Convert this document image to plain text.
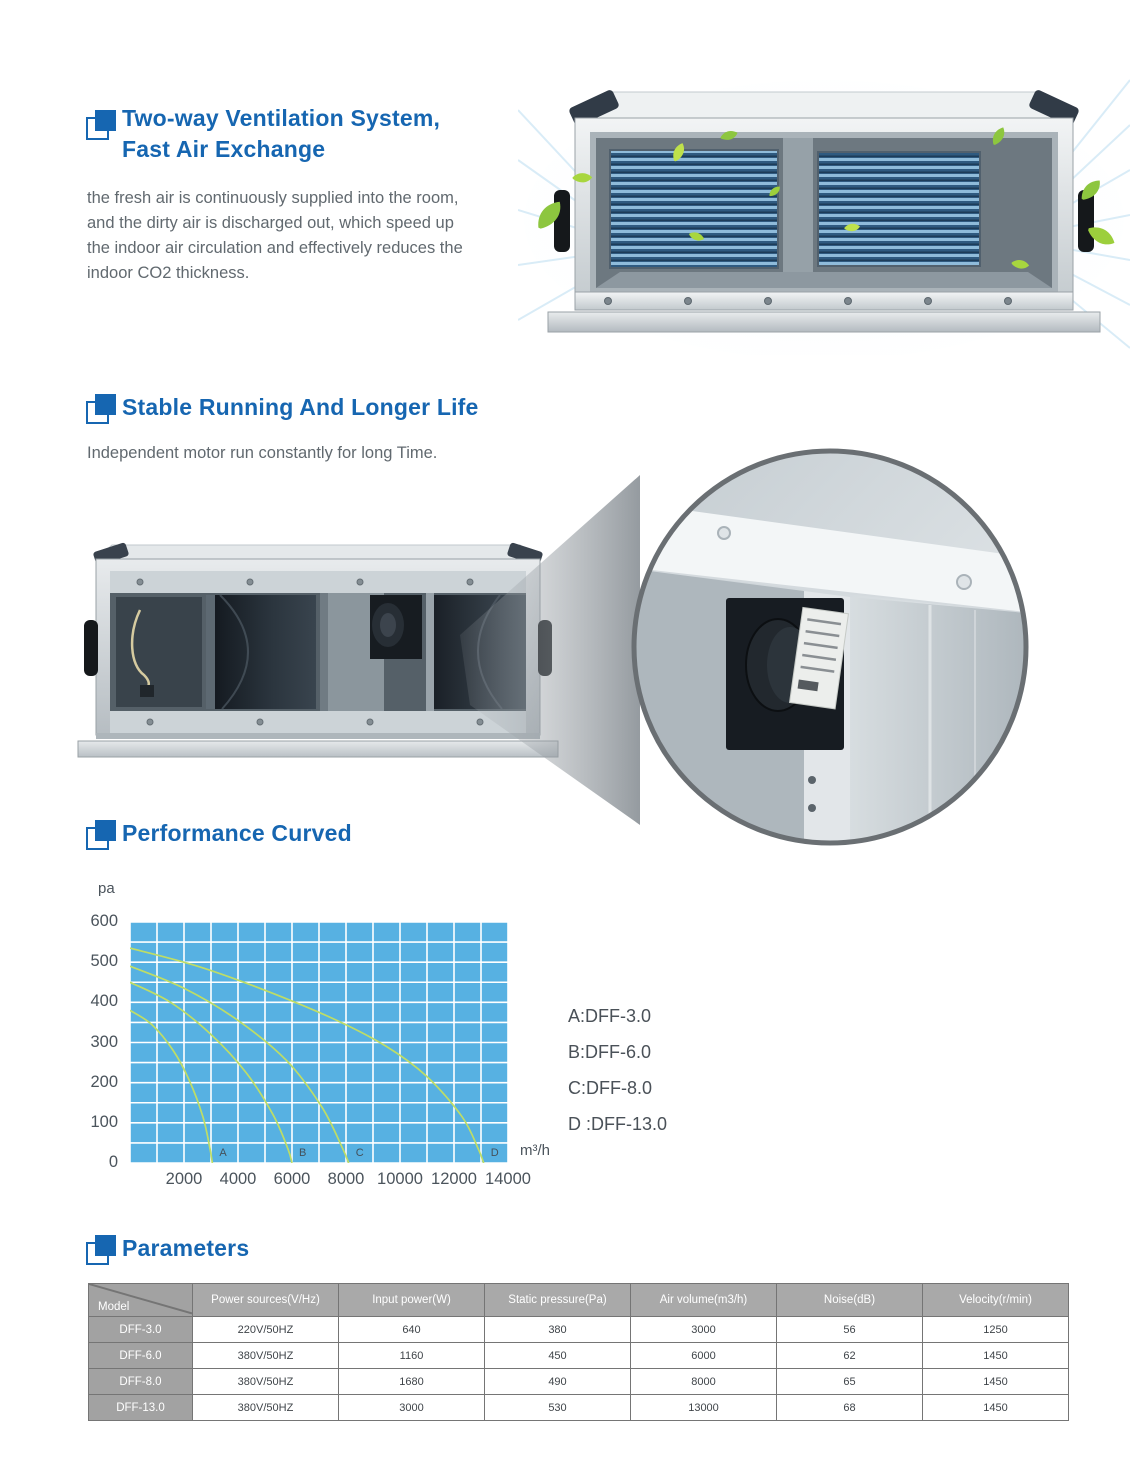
Two-way Ventilation System,
Fast Air Exchange

the fresh air is continuously supplied into the room, and the dirty air is discharged out, which speed up the indoor air circulation and effectively reduces the indoor CO2 thickness.

Stable Running And Longer Life

Independent motor run constantly for long Time.

Performance Curved
pa
600
500
400
300
200
100
0	A	B	C	D
2000	4000	6000	8000 10000 12000 14000
m³/h
A:DFF-3.0
B:DFF-6.0
C:DFF-8.0
D :DFF-13.0
Parameters
Model	Power sources(V/Hz)	Input power(W)	Static pressure(Pa)	Air volume(m3/h)	Noise(dB)	Velocity(r/min)
DFF-3.0	220V/50HZ	640	380	3000	56	1250
DFF-6.0	380V/50HZ	1160	450	6000	62	1450
DFF-8.0	380V/50HZ	1680	490	8000	65	1450
DFF-13.0	380V/50HZ	3000	530	13000	68	1450
